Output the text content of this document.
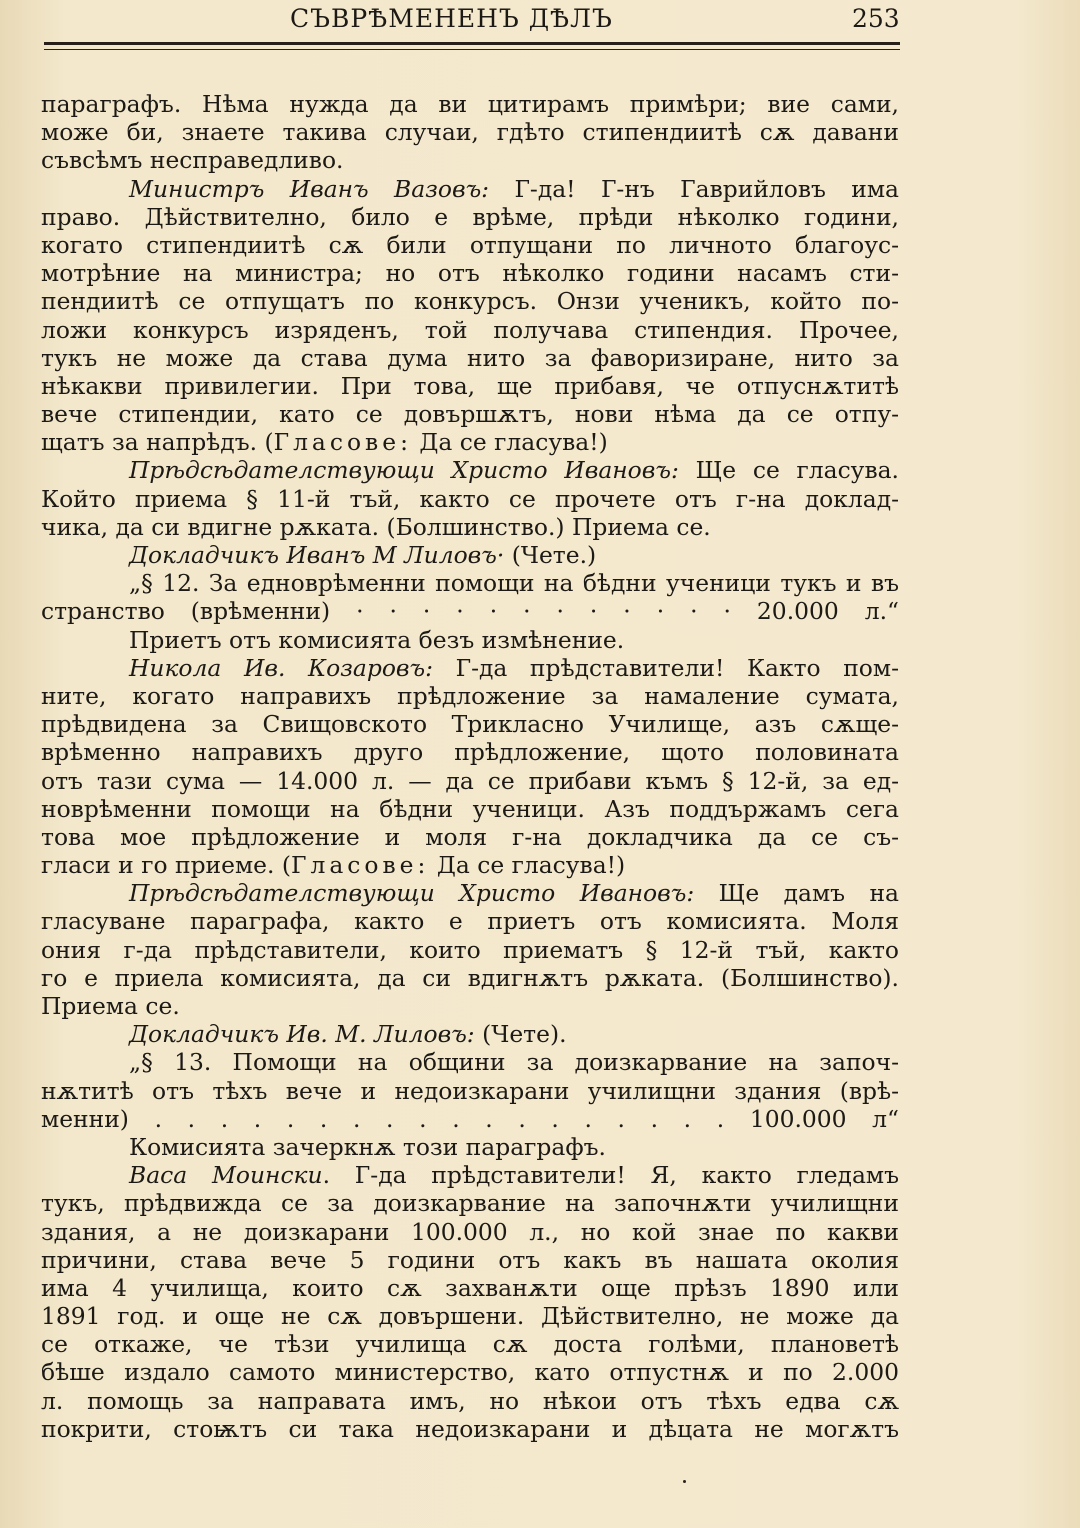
СЪВРѢМЕНЕНЪ ДѢЛЪ	253
параграфъ. Нѣма нужда да ви цитирамъ примѣри; вие сами,
може би, знаете такива случаи, гдѣто стипендиитѣ сѫ давани
съвсѣмъ несправедливо.
Министръ Иванъ Вазовъ: Г-да! Г-нъ Гаврийловъ има
право. Дѣйствително, било е врѣме, прѣди нѣколко години,
когато стипендиитѣ сѫ били отпущани по личното благоус-
мотрѣние на министра; но отъ нѣколко години насамъ сти-
пендиитѣ се отпущатъ по конкурсъ. Онзи ученикъ, който по-
ложи конкурсъ изряденъ, той получава стипендия. Прочее,
тукъ не може да става дума нито за фаворизиране, нито за
нѣкакви привилегии. При това, ще прибавя, че отпуснѫтитѣ
вече стипендии, като се довършѫтъ, нови нѣма да се отпу-
щатъ за напрѣдъ. (Гласове: Да се гласува!)
Прѣдсѣдателствующи Христо Ивановъ: Ще се гласува.
Който приема § 11-й тъй, както се прочете отъ г-на доклад-
чика, да си вдигне рѫката. (Болшинство.) Приема се.
Докладчикъ Иванъ М Лиловъ· (Чете.)
„§ 12. За едноврѣменни помощи на бѣдни ученици тукъ и въ
странство (врѣменни) · · · · · · · · · · · · 20.000 л.“
Приетъ отъ комисията безъ измѣнение.
Никола Ив. Козаровъ: Г-да прѣдставители! Както пом-
ните, когато направихъ прѣдложение за намаление сумата,
прѣдвидена за Свищовското Трикласно Училище, азъ сѫще-
врѣменно направихъ друго прѣдложение, щото половината
отъ тази сума — 14.000 л. — да се прибави къмъ § 12-й, за ед-
новрѣменни помощи на бѣдни ученици. Азъ поддържамъ сега
това мое прѣдложение и моля г-на докладчика да се съ-
гласи и го приеме. (Гласове: Да се гласува!)
Прѣдсѣдателствующи Христо Ивановъ: Ще дамъ на
гласуване параграфа, както е приетъ отъ комисията. Моля
ония г-да прѣдставители, които приематъ § 12-й тъй, както
го е приела комисията, да си вдигнѫтъ рѫката. (Болшинство).
Приема се.
Докладчикъ Ив. М. Лиловъ: (Чете).
„§ 13. Помощи на общини за доизкарвание на започ-
нѫтитѣ отъ тѣхъ вече и недоизкарани училищни здания (врѣ-
менни) . . . . . . . . . . . . . . . . . . 100.000 л“
Комисията зачеркнѫ този параграфъ.
Васа Моински. Г-да прѣдставители! Я, както гледамъ
тукъ, прѣдвижда се за доизкарвание на започнѫти училищни
здания, а не доизкарани 100.000 л., но кой знае по какви
причини, става вече 5 години отъ какъ въ нашата околия
има 4 училища, които сѫ захванѫти още прѣзъ 1890 или
1891 год. и още не сѫ довършени. Дѣйствително, не може да
се откаже, че тѣзи училища сѫ доста голѣми, плановетѣ
бѣше издало самото министерство, като отпустнѫ и по 2.000
л. помощь за направата имъ, но нѣкои отъ тѣхъ едва сѫ
покрити, стоѭтъ си така недоизкарани и дѣцата не могѫтъ
